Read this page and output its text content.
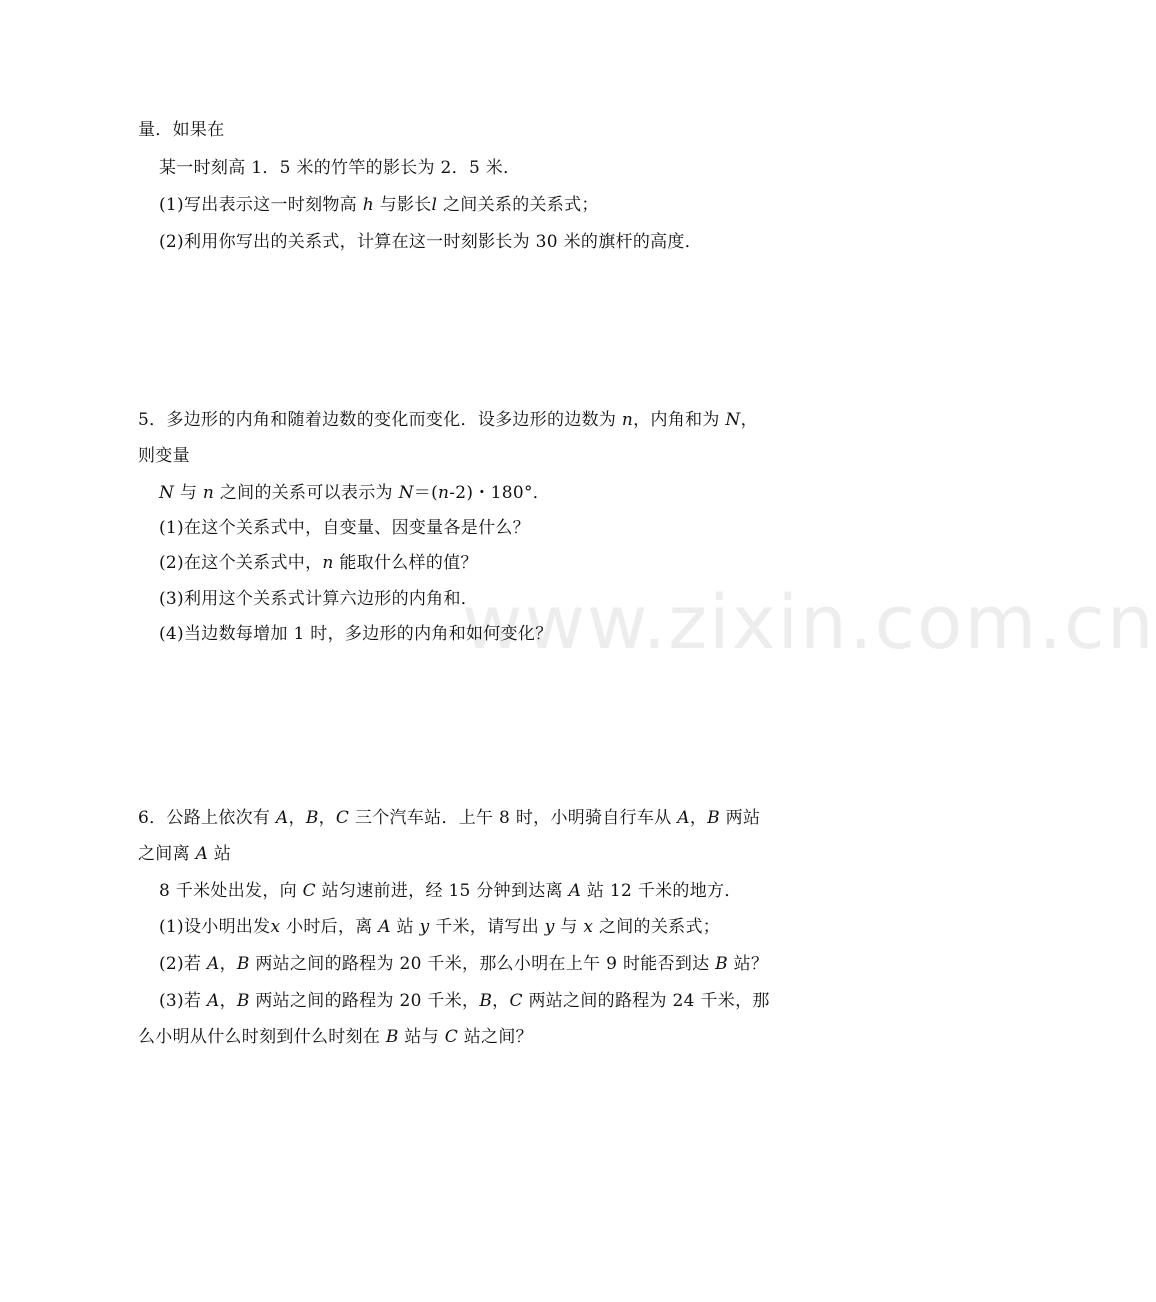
www.zixin.com.cn
量．如果在
某一时刻高 1．5 米的竹竿的影长为 2．5 米．
(1)写出表示这一时刻物高 h 与影长l 之间关系的关系式；
(2)利用你写出的关系式，计算在这一时刻影长为 30 米的旗杆的高度．
5．多边形的内角和随着边数的变化而变化．设多边形的边数为 n，内角和为 N，
则变量
N 与 n 之间的关系可以表示为 N＝(n-2)・180°．
(1)在这个关系式中，自变量、因变量各是什么？
(2)在这个关系式中，n 能取什么样的值？
(3)利用这个关系式计算六边形的内角和．
(4)当边数每增加 1 时，多边形的内角和如何变化？
6．公路上依次有 A，B，C 三个汽车站．上午 8 时，小明骑自行车从 A，B 两站
之间离 A 站
8 千米处出发，向 C 站匀速前进，经 15 分钟到达离 A 站 12 千米的地方．
(1)设小明出发x 小时后，离 A 站 y 千米，请写出 y 与 x 之间的关系式；
(2)若 A，B 两站之间的路程为 20 千米，那么小明在上午 9 时能否到达 B 站？
(3)若 A，B 两站之间的路程为 20 千米，B，C 两站之间的路程为 24 千米，那
么小明从什么时刻到什么时刻在 B 站与 C 站之间？
